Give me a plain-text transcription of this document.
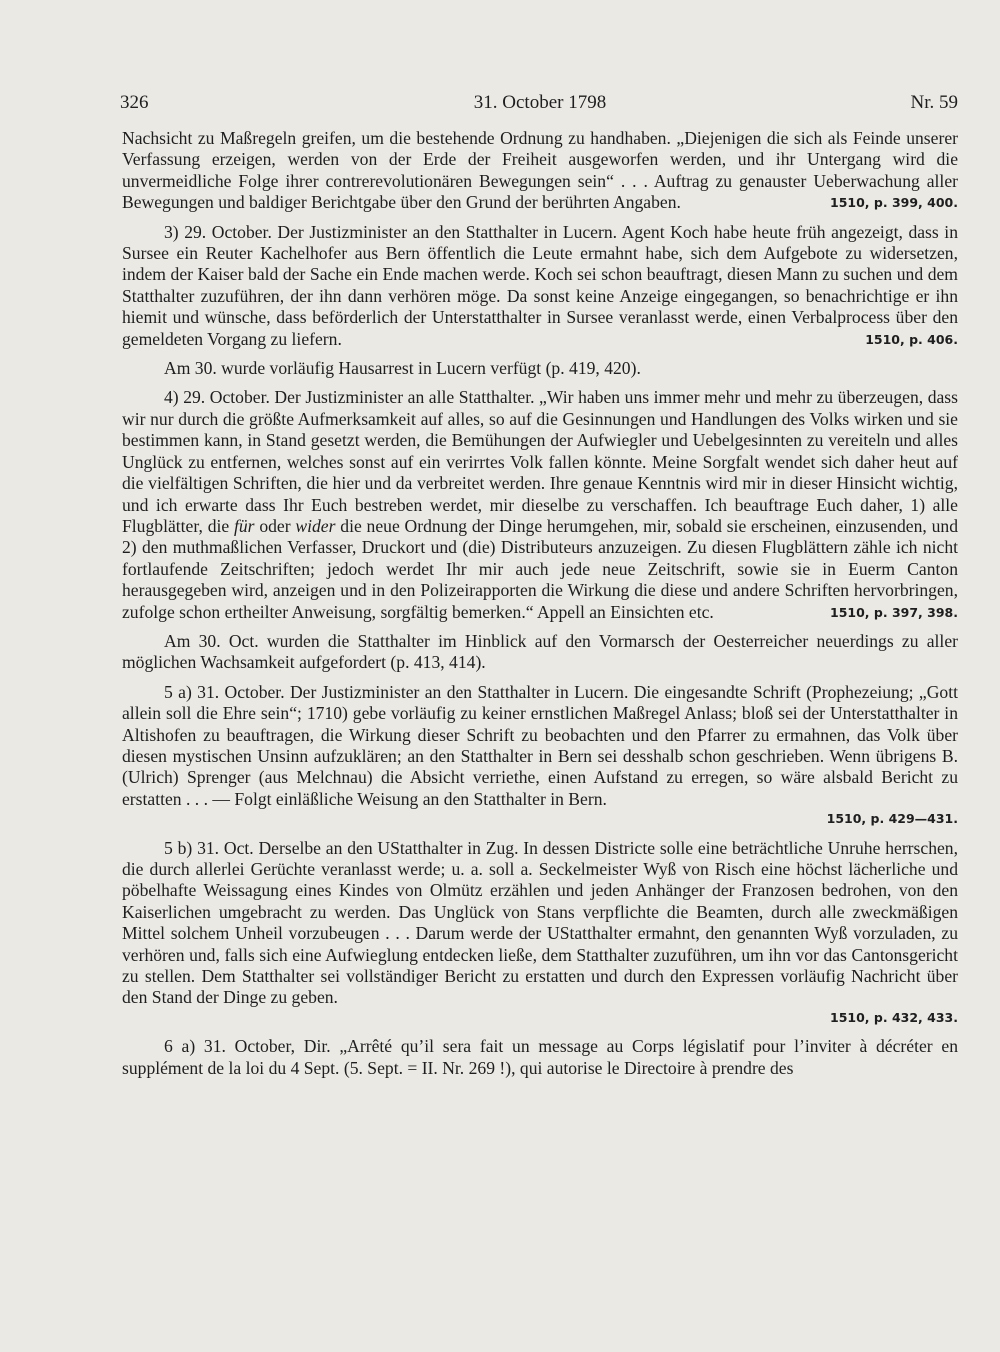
326	31. October 1798	Nr. 59

Nachsicht zu Maßregeln greifen, um die bestehende Ordnung zu handhaben. „Diejenigen die sich als Feinde unserer Verfassung erzeigen, werden von der Erde der Freiheit ausgeworfen werden, und ihr Untergang wird die unvermeidliche Folge ihrer contrerevolutionären Bewegungen sein“ . . . Auftrag zu genauster Ueberwachung aller Bewegungen und baldiger Berichtgabe über den Grund der berührten Angaben.	1510, p. 399, 400.

3) 29. October. Der Justizminister an den Statthalter in Lucern. Agent Koch habe heute früh angezeigt, dass in Sursee ein Reuter Kachelhofer aus Bern öffentlich die Leute ermahnt habe, sich dem Aufgebote zu widersetzen, indem der Kaiser bald der Sache ein Ende machen werde. Koch sei schon beauftragt, diesen Mann zu suchen und dem Statthalter zuzuführen, der ihn dann verhören möge. Da sonst keine Anzeige eingegangen, so benachrichtige er ihn hiemit und wünsche, dass beförderlich der Unterstatthalter in Sursee veranlasst werde, einen Verbalprocess über den gemeldeten Vorgang zu liefern.	1510, p. 406.

Am 30. wurde vorläufig Hausarrest in Lucern verfügt (p. 419, 420).

4) 29. October. Der Justizminister an alle Statthalter. „Wir haben uns immer mehr und mehr zu überzeugen, dass wir nur durch die größte Aufmerksamkeit auf alles, so auf die Gesinnungen und Handlungen des Volks wirken und sie bestimmen kann, in Stand gesetzt werden, die Bemühungen der Aufwiegler und Uebelgesinnten zu vereiteln und alles Unglück zu entfernen, welches sonst auf ein verirrtes Volk fallen könnte. Meine Sorgfalt wendet sich daher heut auf die vielfältigen Schriften, die hier und da verbreitet werden. Ihre genaue Kenntnis wird mir in dieser Hinsicht wichtig, und ich erwarte dass Ihr Euch bestreben werdet, mir dieselbe zu verschaffen. Ich beauftrage Euch daher, 1) alle Flugblätter, die für oder wider die neue Ordnung der Dinge herumgehen, mir, sobald sie erscheinen, einzusenden, und 2) den muthmaßlichen Verfasser, Druckort und (die) Distributeurs anzuzeigen. Zu diesen Flugblättern zähle ich nicht fortlaufende Zeitschriften; jedoch werdet Ihr mir auch jede neue Zeitschrift, sowie sie in Euerm Canton herausgegeben wird, anzeigen und in den Polizeirapporten die Wirkung die diese und andere Schriften hervorbringen, zufolge schon ertheilter Anweisung, sorgfältig bemerken.“ Appell an Einsichten etc.	1510, p. 397, 398.

Am 30. Oct. wurden die Statthalter im Hinblick auf den Vormarsch der Oesterreicher neuerdings zu aller möglichen Wachsamkeit aufgefordert (p. 413, 414).

5 a) 31. October. Der Justizminister an den Statthalter in Lucern. Die eingesandte Schrift (Prophezeiung; „Gott allein soll die Ehre sein“; 1710) gebe vorläufig zu keiner ernstlichen Maßregel Anlass; bloß sei der Unterstatthalter in Altishofen zu beauftragen, die Wirkung dieser Schrift zu beobachten und den Pfarrer zu ermahnen, das Volk über diesen mystischen Unsinn aufzuklären; an den Statthalter in Bern sei desshalb schon geschrieben. Wenn übrigens B. (Ulrich) Sprenger (aus Melchnau) die Absicht verriethe, einen Aufstand zu erregen, so wäre alsbald Bericht zu erstatten . . . — Folgt einläßliche Weisung an den Statthalter in Bern.
1510, p. 429—431.

5 b) 31. Oct. Derselbe an den UStatthalter in Zug. In dessen Districte solle eine beträchtliche Unruhe herrschen, die durch allerlei Gerüchte veranlasst werde; u. a. soll a. Seckelmeister Wyß von Risch eine höchst lächerliche und pöbelhafte Weissagung eines Kindes von Olmütz erzählen und jeden Anhänger der Franzosen bedrohen, von den Kaiserlichen umgebracht zu werden. Das Unglück von Stans verpflichte die Beamten, durch alle zweckmäßigen Mittel solchem Unheil vorzubeugen . . . Darum werde der UStatthalter ermahnt, den genannten Wyß vorzuladen, zu verhören und, falls sich eine Aufwieglung entdecken ließe, dem Statthalter zuzuführen, um ihn vor das Cantonsgericht zu stellen. Dem Statthalter sei vollständiger Bericht zu erstatten und durch den Expressen vorläufig Nachricht über den Stand der Dinge zu geben.
1510, p. 432, 433.

6 a) 31. October, Dir. „Arrêté qu’il sera fait un message au Corps législatif pour l’inviter à décréter en supplément de la loi du 4 Sept. (5. Sept. = II. Nr. 269 !), qui autorise le Directoire à prendre des
